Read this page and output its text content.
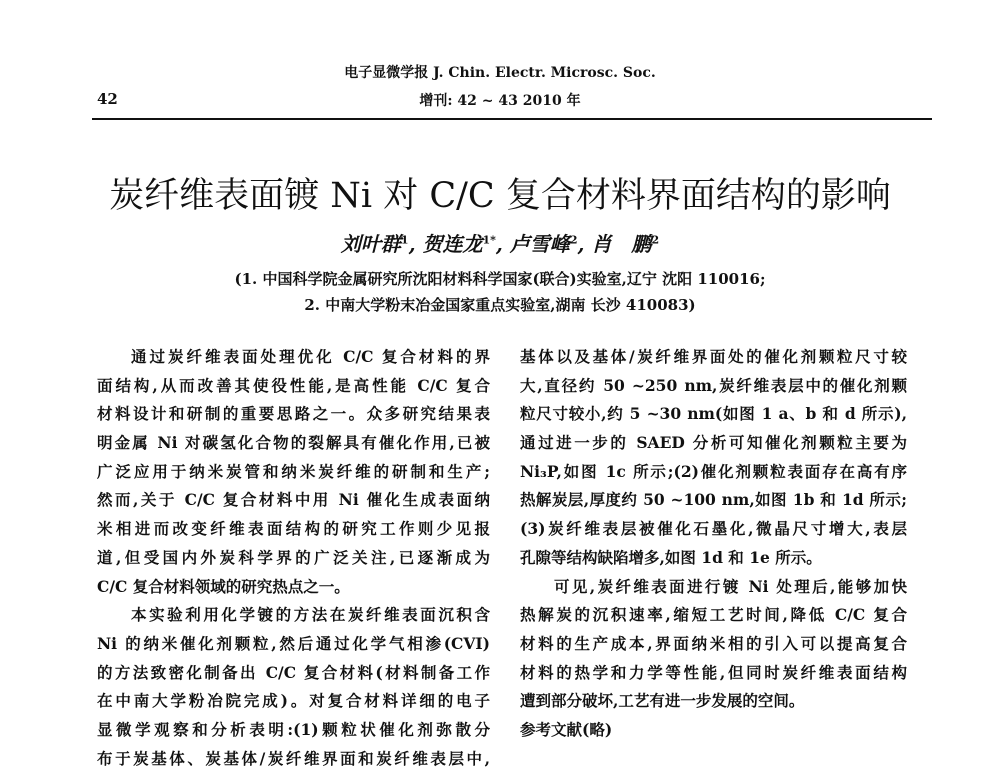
电子显微学报 J. Chin. Electr. Microsc. Soc.
42	增刊: 42 ~ 43 2010 年
炭纤维表面镀 Ni 对 C/C 复合材料界面结构的影响
刘叶群$^1$, 贺连龙$^{1*}$, 卢雪峰$^2$, 肖　鹏$^2$
(1. 中国科学院金属研究所沈阳材料科学国家(联合)实验室,辽宁 沈阳 110016;
2. 中南大学粉末冶金国家重点实验室,湖南 长沙 410083)
通过炭纤维表面处理优化 C/C 复合材料的界
面结构,从而改善其使役性能,是高性能 C/C 复合
材料设计和研制的重要思路之一。众多研究结果表
明金属 Ni 对碳氢化合物的裂解具有催化作用,已被
广泛应用于纳米炭管和纳米炭纤维的研制和生产;
然而,关于 C/C 复合材料中用 Ni 催化生成表面纳
米相进而改变纤维表面结构的研究工作则少见报
道,但受国内外炭科学界的广泛关注,已逐渐成为
C/C 复合材料领域的研究热点之一。
本实验利用化学镀的方法在炭纤维表面沉积含
Ni 的纳米催化剂颗粒,然后通过化学气相渗(CVI)
的方法致密化制备出 C/C 复合材料(材料制备工作
在中南大学粉冶院完成)。对复合材料详细的电子
显微学观察和分析表明:(1)颗粒状催化剂弥散分
布于炭基体、炭基体/炭纤维界面和炭纤维表层中,
基体以及基体/炭纤维界面处的催化剂颗粒尺寸较
大,直径约 50 ~250 nm,炭纤维表层中的催化剂颗
粒尺寸较小,约 5 ~30 nm(如图 1 a、b 和 d 所示),
通过进一步的 SAED 分析可知催化剂颗粒主要为
Ni₃P,如图 1c 所示;(2)催化剂颗粒表面存在高有序
热解炭层,厚度约 50 ~100 nm,如图 1b 和 1d 所示;
(3)炭纤维表层被催化石墨化,微晶尺寸增大,表层
孔隙等结构缺陷增多,如图 1d 和 1e 所示。
可见,炭纤维表面进行镀 Ni 处理后,能够加快
热解炭的沉积速率,缩短工艺时间,降低 C/C 复合
材料的生产成本,界面纳米相的引入可以提高复合
材料的热学和力学等性能,但同时炭纤维表面结构
遭到部分破坏,工艺有进一步发展的空间。
参考文献(略)
